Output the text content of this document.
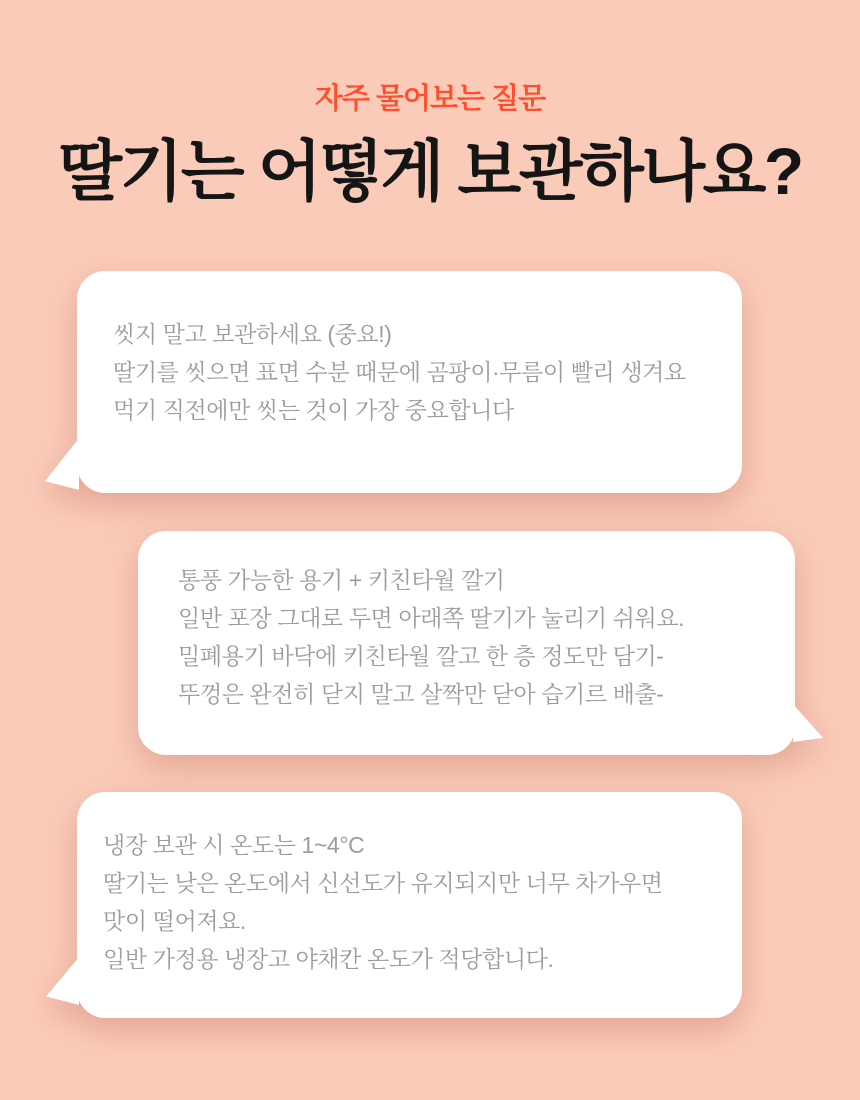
자주 물어보는 질문
딸기는 어떻게 보관하나요?
씻지 말고 보관하세요 (중요!)
딸기를 씻으면 표면 수분 때문에 곰팡이·무름이 빨리 생겨요
먹기 직전에만 씻는 것이 가장 중요합니다
통풍 가능한 용기 + 키친타월 깔기
일반 포장 그대로 두면 아래쪽 딸기가 눌리기 쉬워요.
밀폐용기 바닥에 키친타월 깔고 한 층 정도만 담기-
뚜껑은 완전히 닫지 말고 살짝만 닫아 습기르 배출-
냉장 보관 시 온도는 1~4°C
딸기는 낮은 온도에서 신선도가 유지되지만 너무 차가우면
맛이 떨어져요.
일반 가정용 냉장고 야채칸 온도가 적당합니다.
